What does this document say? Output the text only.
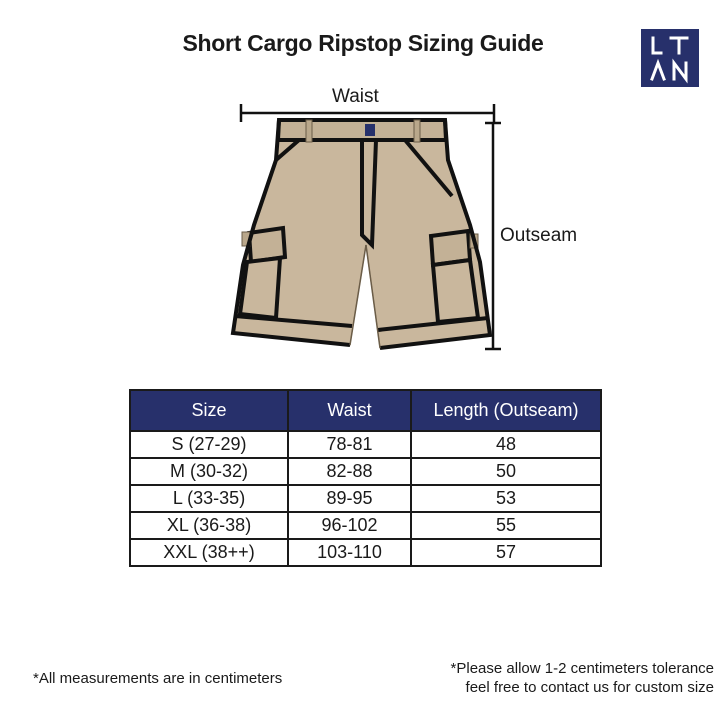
Short Cargo Ripstop Sizing Guide
Waist
Outseam
Size	Waist	Length (Outseam)
S (27-29)	78-81	48
M (30-32)	82-88	50
L (33-35)	89-95	53
XL (36-38)	96-102	55
XXL (38++)	103-110	57
*All measurements are in centimeters
*Please allow 1-2 centimeters tolerance
feel free to contact us for custom size
